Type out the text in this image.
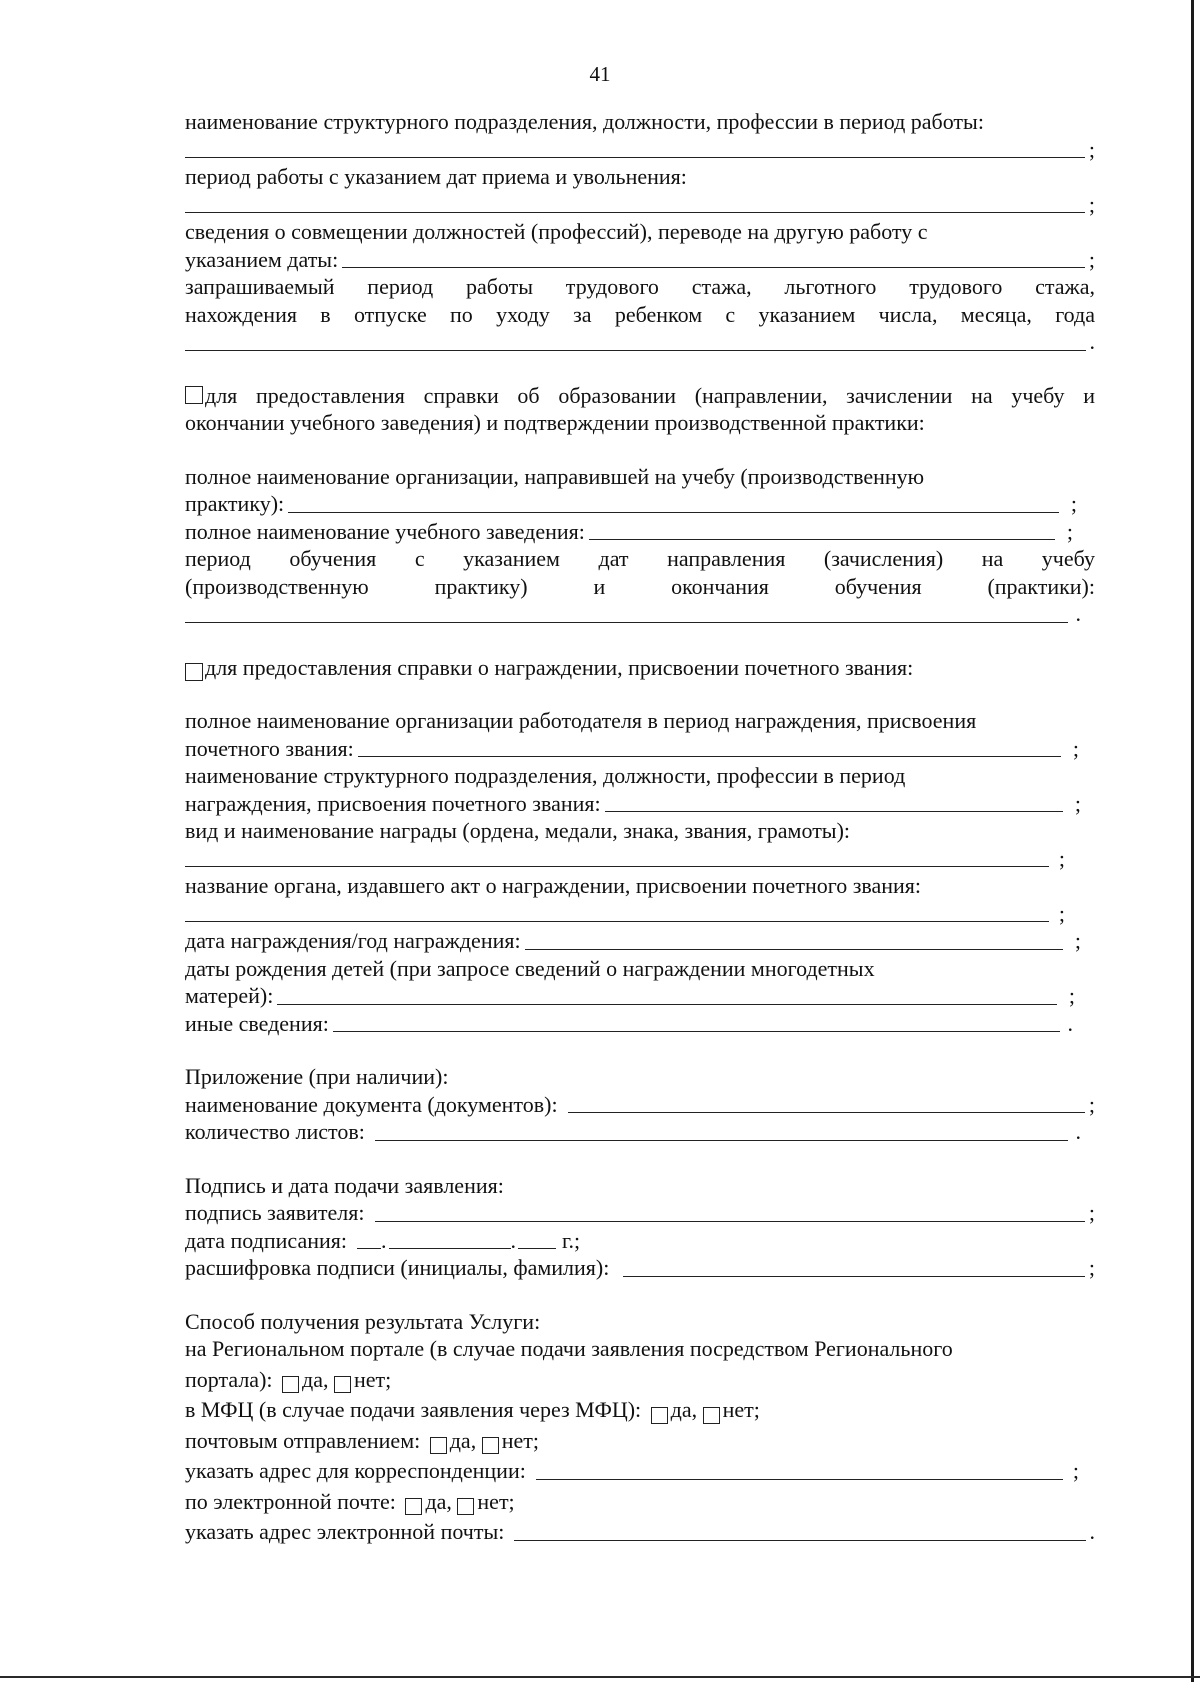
41
наименование структурного подразделения, должности, профессии в период работы:
;
период работы с указанием дат приема и увольнения:
;
сведения о совмещении должностей (профессий), переводе на другую работу с
указанием даты:	;
запрашиваемый период работы трудового стажа, льготного трудового стажа,
нахождения в отпуске по уходу за ребенком с указанием числа, месяца, года
.
для предоставления справки об образовании (направлении, зачислении на учебу и
окончании учебного заведения) и подтверждении производственной практики:
полное наименование организации, направившей на учебу (производственную
практику):	;
полное наименование учебного заведения:	;
период обучения с указанием дат направления (зачисления) на учебу
(производственную практику) и окончания обучения (практики):
.
для предоставления справки о награждении, присвоении почетного звания:
полное наименование организации работодателя в период награждения, присвоения
почетного звания:	;
наименование структурного подразделения, должности, профессии в период
награждения, присвоения почетного звания:	;
вид и наименование награды (ордена, медали, знака, звания, грамоты):
;
название органа, издавшего акт о награждении, присвоении почетного звания:
;
дата награждения/год награждения:	;
даты рождения детей (при запросе сведений о награждении многодетных
матерей):	;
иные сведения:	.
Приложение (при наличии):
наименование документа (документов):	;
количество листов:	.
Подпись и дата подачи заявления:
подпись заявителя:	;
дата подписания: .	. г.;
расшифровка подписи (инициалы, фамилия):	;
Способ получения результата Услуги:
на Региональном портале (в случае подачи заявления посредством Регионального
портала):
да,
нет;
в МФЦ (в случае подачи заявления через МФЦ):
да,
нет;
почтовым отправлением:
да,
нет;
указать адрес для корреспонденции:	;
по электронной почте:
да,
нет;
указать адрес электронной почты:	.
